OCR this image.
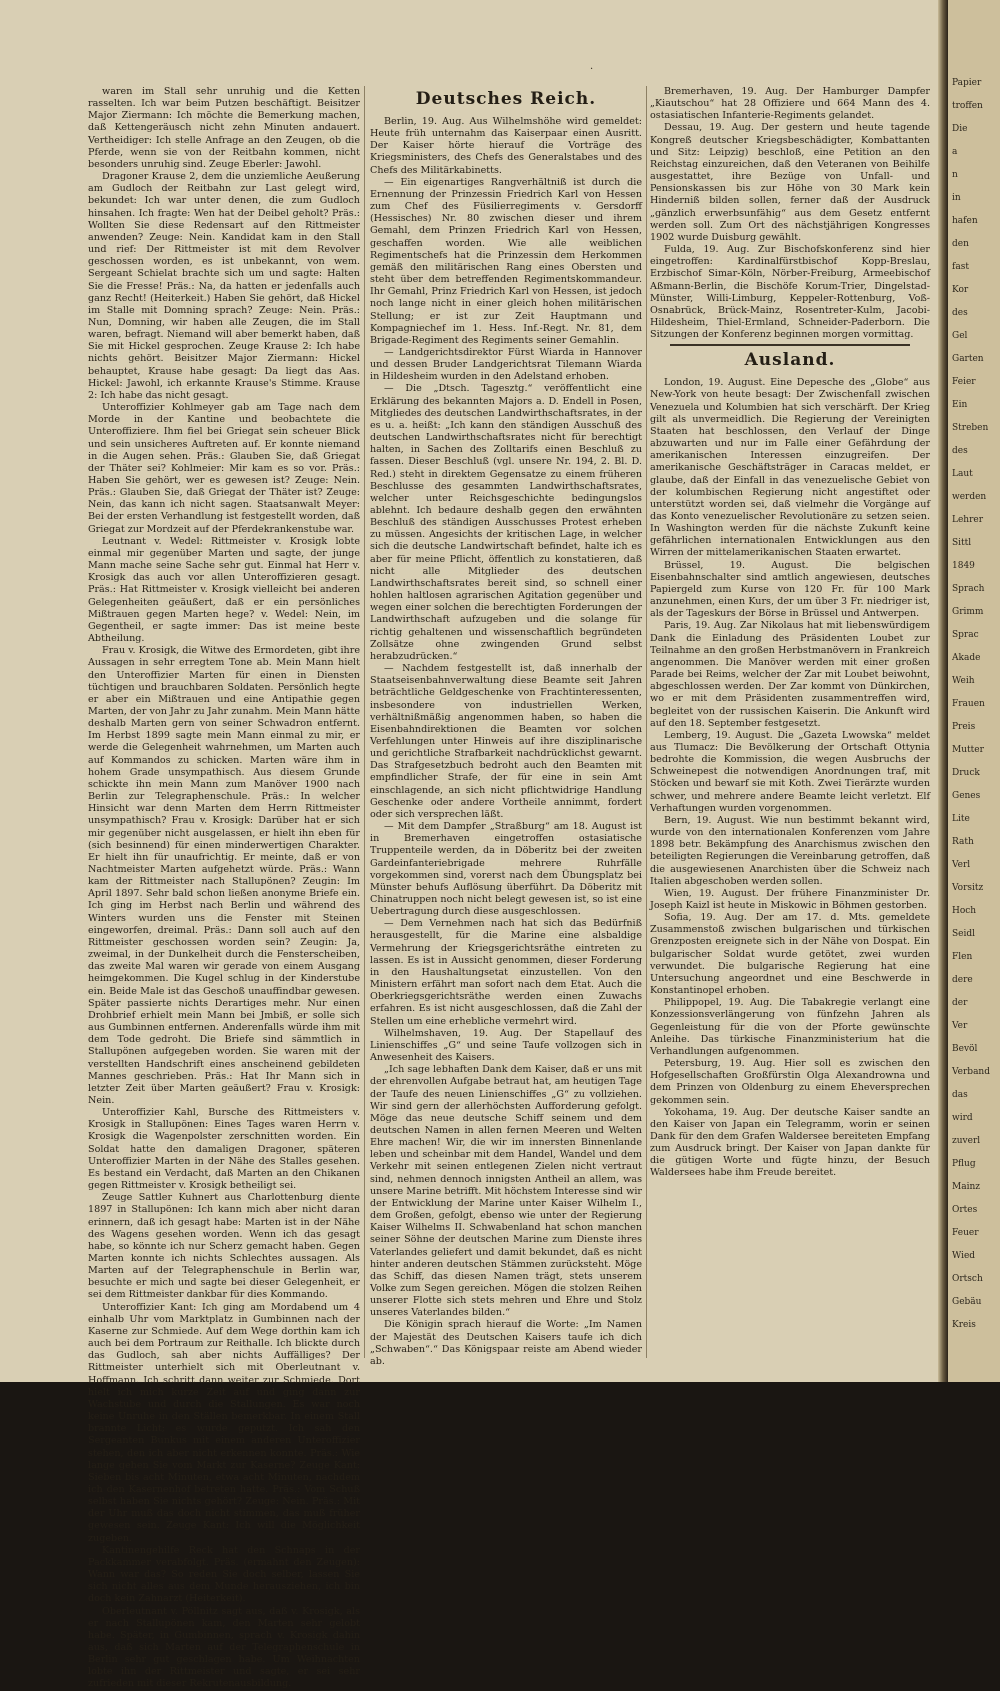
·

waren im Stall sehr unruhig und die Ketten rasselten. Ich war beim Putzen beschäftigt. Beisitzer Major Ziermann: Ich möchte die Bemerkung machen, daß Kettengeräusch nicht zehn Minuten andauert. Vertheidiger: Ich stelle Anfrage an den Zeugen, ob die Pferde, wenn sie von der Reitbahn kommen, nicht besonders unruhig sind. Zeuge Eberler: Jawohl.

Dragoner Krause 2, dem die unziemliche Aeußerung am Gudloch der Reitbahn zur Last gelegt wird, bekundet: Ich war unter denen, die zum Gudloch hinsahen. Ich fragte: Wen hat der Deibel geholt? Präs.: Wollten Sie diese Redensart auf den Rittmeister anwenden? Zeuge: Nein. Kandidat kam in den Stall und rief: Der Rittmeister ist mit dem Revolver geschossen worden, es ist unbekannt, von wem. Sergeant Schielat brachte sich um und sagte: Halten Sie die Fresse! Präs.: Na, da hatten er jedenfalls auch ganz Recht! (Heiterkeit.) Haben Sie gehört, daß Hickel im Stalle mit Domning sprach? Zeuge: Nein. Präs.: Nun, Domning, wir haben alle Zeugen, die im Stall waren, befragt. Niemand will aber bemerkt haben, daß Sie mit Hickel gesprochen. Zeuge Krause 2: Ich habe nichts gehört. Beisitzer Major Ziermann: Hickel behauptet, Krause habe gesagt: Da liegt das Aas. Hickel: Jawohl, ich erkannte Krause's Stimme. Krause 2: Ich habe das nicht gesagt.

Unteroffizier Kohlmeyer gab am Tage nach dem Morde in der Kantine und beobachtete die Unteroffiziere. Ihm fiel bei Griegat sein scheuer Blick und sein unsicheres Auftreten auf. Er konnte niemand in die Augen sehen. Präs.: Glauben Sie, daß Griegat der Thäter sei? Kohlmeier: Mir kam es so vor. Präs.: Haben Sie gehört, wer es gewesen ist? Zeuge: Nein. Präs.: Glauben Sie, daß Griegat der Thäter ist? Zeuge: Nein, das kann ich nicht sagen. Staatsanwalt Meyer: Bei der ersten Verhandlung ist festgestellt worden, daß Griegat zur Mordzeit auf der Pferdekrankenstube war.

Leutnant v. Wedel: Rittmeister v. Krosigk lobte einmal mir gegenüber Marten und sagte, der junge Mann mache seine Sache sehr gut. Einmal hat Herr v. Krosigk das auch vor allen Unteroffizieren gesagt. Präs.: Hat Rittmeister v. Krosigk vielleicht bei anderen Gelegenheiten geäußert, daß er ein persönliches Mißtrauen gegen Marten hege? v. Wedel: Nein, im Gegentheil, er sagte immer: Das ist meine beste Abtheilung.

Frau v. Krosigk, die Witwe des Ermordeten, gibt ihre Aussagen in sehr erregtem Tone ab. Mein Mann hielt den Unteroffizier Marten für einen in Diensten tüchtigen und brauchbaren Soldaten. Persönlich hegte er aber ein Mißtrauen und eine Antipathie gegen Marten, der von Jahr zu Jahr zunahm. Mein Mann hätte deshalb Marten gern von seiner Schwadron entfernt. Im Herbst 1899 sagte mein Mann einmal zu mir, er werde die Gelegenheit wahrnehmen, um Marten auch auf Kommandos zu schicken. Marten wäre ihm in hohem Grade unsympathisch. Aus diesem Grunde schickte ihn mein Mann zum Manöver 1900 nach Berlin zur Telegraphenschule. Präs.: In welcher Hinsicht war denn Marten dem Herrn Rittmeister unsympathisch? Frau v. Krosigk: Darüber hat er sich mir gegenüber nicht ausgelassen, er hielt ihn eben für (sich besinnend) für einen minderwertigen Charakter. Er hielt ihn für unaufrichtig. Er meinte, daß er von Nachtmeister Marten aufgehetzt würde. Präs.: Wann kam der Rittmeister nach Stallupönen? Zeugin: Im April 1897. Sehr bald schon ließen anonyme Briefe ein. Ich ging im Herbst nach Berlin und während des Winters wurden uns die Fenster mit Steinen eingeworfen, dreimal. Präs.: Dann soll auch auf den Rittmeister geschossen worden sein? Zeugin: Ja, zweimal, in der Dunkelheit durch die Fensterscheiben, das zweite Mal waren wir gerade von einem Ausgang heimgekommen. Die Kugel schlug in der Kinderstube ein. Beide Male ist das Geschoß unauffindbar gewesen. Später passierte nichts Derartiges mehr. Nur einen Drohbrief erhielt mein Mann bei Jmbiß, er solle sich aus Gumbinnen entfernen. Anderenfalls würde ihm mit dem Tode gedroht. Die Briefe sind sämmtlich in Stallupönen aufgegeben worden. Sie waren mit der verstellten Handschrift eines anscheinend gebildeten Mannes geschrieben. Präs.: Hat Ihr Mann sich in letzter Zeit über Marten geäußert? Frau v. Krosigk: Nein.

Unteroffizier Kahl, Bursche des Rittmeisters v. Krosigk in Stallupönen: Eines Tages waren Herrn v. Krosigk die Wagenpolster zerschnitten worden. Ein Soldat hatte den damaligen Dragoner, späteren Unteroffizier Marten in der Nähe des Stalles gesehen. Es bestand ein Verdacht, daß Marten an den Chikanen gegen Rittmeister v. Krosigk betheiligt sei.

Zeuge Sattler Kuhnert aus Charlottenburg diente 1897 in Stallupönen: Ich kann mich aber nicht daran erinnern, daß ich gesagt habe: Marten ist in der Nähe des Wagens gesehen worden. Wenn ich das gesagt habe, so könnte ich nur Scherz gemacht haben. Gegen Marten konnte ich nichts Schlechtes aussagen. Als Marten auf der Telegraphenschule in Berlin war, besuchte er mich und sagte bei dieser Gelegenheit, er sei dem Rittmeister dankbar für dies Kommando.

Unteroffizier Kant: Ich ging am Mordabend um 4 einhalb Uhr vom Marktplatz in Gumbinnen nach der Kaserne zur Schmiede. Auf dem Wege dorthin kam ich auch bei dem Portraum zur Reithalle. Ich blickte durch das Gudloch, sah aber nichts Auffälliges? Der Rittmeister unterhielt sich mit Oberleutnant v. Hoffmann. Ich schritt dann weiter zur Schmiede. Dort hielt ich mich kurze Zeit auf und ging dann zur Wachstube und durch die Stallungen. Es war noch keine Unruhe in den Ställen bemerkbar. In einem Stall brannte Licht; es wurde geputzt. Ich sah den Sergeanten Bunkus mit einem anderen Unteroffizier stehen, den ich aber nicht erkennen konnte. Präs.: Wie lange gehen Sie vom Markt zur Kaserne? Zeuge Kant: Sieben bis acht Minuten, etwa acht Minuten, nachdem ich den Kasernenhof betreten hatte. Präs.: Vom Schuß selbst haben Sie nichts gehört? Zeuge: Nein. Präs.: Mit der Uhr muß das doch nicht stimmen, das muß früher gewesen sein. Zeuge Kant: Ich will die Möglichkeit zugeben.

Kantinengehilfe Reck hat den Schnaps in der Packkammer verabfolgt. Präs. (ermahnt den Zeugen): Wann war das? So reden Sie doch selber, lassen Sie sich nicht alles aus dem Munde herausziehen, ich bin doch kein Zahnarzt (Heiterkeit).

Oberleutnant v. Pöllnitz sagt aus, daß v. Krosigk, als er nach Stallupönen kam, den Marten sehr gelobt habe. Später, in Gumbinnen, sprach v. Krosigk dahin aus, daß sich Marten auf der Telegraphenschule in Berlin sehr gut geschlagen habe. Um Weihnachten lobte ihn der Rittmeister und sagte, er sei sehr zufrieden mit dieser Rekrutenausbildung.

Deutsches Reich.

Berlin, 19. Aug. Aus Wilhelmshöhe wird gemeldet: Heute früh unternahm das Kaiserpaar einen Ausritt. Der Kaiser hörte hierauf die Vorträge des Kriegsministers, des Chefs des Generalstabes und des Chefs des Militärkabinetts.

— Ein eigenartiges Rangverhältniß ist durch die Ernennung der Prinzessin Friedrich Karl von Hessen zum Chef des Füsilierregiments v. Gersdorff (Hessisches) Nr. 80 zwischen dieser und ihrem Gemahl, dem Prinzen Friedrich Karl von Hessen, geschaffen worden. Wie alle weiblichen Regimentschefs hat die Prinzessin dem Herkommen gemäß den militärischen Rang eines Obersten und steht über dem betreffenden Regimentskommandeur. Ihr Gemahl, Prinz Friedrich Karl von Hessen, ist jedoch noch lange nicht in einer gleich hohen militärischen Stellung; er ist zur Zeit Hauptmann und Kompagniechef im 1. Hess. Inf.-Regt. Nr. 81, dem Brigade-Regiment des Regiments seiner Gemahlin.

— Landgerichtsdirektor Fürst Wiarda in Hannover und dessen Bruder Landgerichtsrat Tilemann Wiarda in Hildesheim wurden in den Adelstand erhoben.

— Die „Dtsch. Tagesztg.“ veröffentlicht eine Erklärung des bekannten Majors a. D. Endell in Posen, Mitgliedes des deutschen Landwirthschaftsrates, in der es u. a. heißt: „Ich kann den ständigen Ausschuß des deutschen Landwirthschaftsrates nicht für berechtigt halten, in Sachen des Zolltarifs einen Beschluß zu fassen. Dieser Beschluß (vgl. unsere Nr. 194, 2. Bl. D. Red.) steht in direktem Gegensatze zu einem früheren Beschlusse des gesammten Landwirthschaftsrates, welcher unter Reichsgeschichte bedingungslos ablehnt. Ich bedaure deshalb gegen den erwähnten Beschluß des ständigen Ausschusses Protest erheben zu müssen. Angesichts der kritischen Lage, in welcher sich die deutsche Landwirtschaft befindet, halte ich es aber für meine Pflicht, öffentlich zu konstatieren, daß nicht alle Mitglieder des deutschen Landwirthschaftsrates bereit sind, so schnell einer hohlen haltlosen agrarischen Agitation gegenüber und wegen einer solchen die berechtigten Forderungen der Landwirthschaft aufzugeben und die solange für richtig gehaltenen und wissenschaftlich begründeten Zollsätze ohne zwingenden Grund selbst herabzudrücken.“

— Nachdem festgestellt ist, daß innerhalb der Staatseisenbahnverwaltung diese Beamte seit Jahren beträchtliche Geldgeschenke von Frachtinteressenten, insbesondere von industriellen Werken, verhältnißmäßig angenommen haben, so haben die Eisenbahndirektionen die Beamten vor solchen Verfehlungen unter Hinweis auf ihre disziplinarische und gerichtliche Strafbarkeit nachdrücklichst gewarnt. Das Strafgesetzbuch bedroht auch den Beamten mit empfindlicher Strafe, der für eine in sein Amt einschlagende, an sich nicht pflichtwidrige Handlung Geschenke oder andere Vortheile annimmt, fordert oder sich versprechen läßt.

— Mit dem Dampfer „Straßburg“ am 18. August ist in Bremerhaven eingetroffen ostasiatische Truppenteile werden, da in Döberitz bei der zweiten Gardeinfanteriebrigade mehrere Ruhrfälle vorgekommen sind, vorerst nach dem Übungsplatz bei Münster behufs Auflösung überführt. Da Döberitz mit Chinatruppen noch nicht belegt gewesen ist, so ist eine Uebertragung durch diese ausgeschlossen.

— Dem Vernehmen nach hat sich das Bedürfniß herausgestellt, für die Marine eine alsbaldige Vermehrung der Kriegsgerichtsräthe eintreten zu lassen. Es ist in Aussicht genommen, dieser Forderung in den Haushaltungsetat einzustellen. Von den Ministern erfährt man sofort nach dem Etat. Auch die Oberkriegsgerichtsräthe werden einen Zuwachs erfahren. Es ist nicht ausgeschlossen, daß die Zahl der Stellen um eine erhebliche vermehrt wird.

Wilhelmshaven, 19. Aug. Der Stapellauf des Linienschiffes „G“ und seine Taufe vollzogen sich in Anwesenheit des Kaisers.

„Ich sage lebhaften Dank dem Kaiser, daß er uns mit der ehrenvollen Aufgabe betraut hat, am heutigen Tage der Taufe des neuen Linienschiffes „G“ zu vollziehen. Wir sind gern der allerhöchsten Aufforderung gefolgt. Möge das neue deutsche Schiff seinem und dem deutschen Namen in allen fernen Meeren und Welten Ehre machen! Wir, die wir im innersten Binnenlande leben und scheinbar mit dem Handel, Wandel und dem Verkehr mit seinen entlegenen Zielen nicht vertraut sind, nehmen dennoch innigsten Antheil an allem, was unsere Marine betrifft. Mit höchstem Interesse sind wir der Entwicklung der Marine unter Kaiser Wilhelm I., dem Großen, gefolgt, ebenso wie unter der Regierung Kaiser Wilhelms II. Schwabenland hat schon manchen seiner Söhne der deutschen Marine zum Dienste ihres Vaterlandes geliefert und damit bekundet, daß es nicht hinter anderen deutschen Stämmen zurücksteht. Möge das Schiff, das diesen Namen trägt, stets unserem Volke zum Segen gereichen. Mögen die stolzen Reihen unserer Flotte sich stets mehren und Ehre und Stolz unseres Vaterlandes bilden.“

Die Königin sprach hierauf die Worte: „Im Namen der Majestät des Deutschen Kaisers taufe ich dich „Schwaben“.“ Das Königspaar reiste am Abend wieder ab.

Bremerhaven, 19. Aug. Der Hamburger Dampfer „Kiautschou“ hat 28 Offiziere und 664 Mann des 4. ostasiatischen Infanterie-Regiments gelandet.

Dessau, 19. Aug. Der gestern und heute tagende Kongreß deutscher Kriegsbeschädigter, Kombattanten und Sitz: Leipzig) beschloß, eine Petition an den Reichstag einzureichen, daß den Veteranen von Beihilfe ausgestattet, ihre Bezüge von Unfall- und Pensionskassen bis zur Höhe von 30 Mark kein Hinderniß bilden sollen, ferner daß der Ausdruck „gänzlich erwerbsunfähig“ aus dem Gesetz entfernt werden soll. Zum Ort des nächstjährigen Kongresses 1902 wurde Duisburg gewählt.

Fulda, 19. Aug. Zur Bischofskonferenz sind hier eingetroffen: Kardinalfürstbischof Kopp-Breslau, Erzbischof Simar-Köln, Nörber-Freiburg, Armeebischof Aßmann-Berlin, die Bischöfe Korum-Trier, Dingelstad-Münster, Willi-Limburg, Keppeler-Rottenburg, Voß-Osnabrück, Brück-Mainz, Rosentreter-Kulm, Jacobi-Hildesheim, Thiel-Ermland, Schneider-Paderborn. Die Sitzungen der Konferenz beginnen morgen vormittag.

Ausland.

London, 19. August. Eine Depesche des „Globe“ aus New-York von heute besagt: Der Zwischenfall zwischen Venezuela und Kolumbien hat sich verschärft. Der Krieg gilt als unvermeidlich. Die Regierung der Vereinigten Staaten hat beschlossen, den Verlauf der Dinge abzuwarten und nur im Falle einer Gefährdung der amerikanischen Interessen einzugreifen. Der amerikanische Geschäftsträger in Caracas meldet, er glaube, daß der Einfall in das venezuelische Gebiet von der kolumbischen Regierung nicht angestiftet oder unterstützt worden sei, daß vielmehr die Vorgänge auf das Konto venezuelischer Revolutionäre zu setzen seien. In Washington werden für die nächste Zukunft keine gefährlichen internationalen Entwicklungen aus den Wirren der mittelamerikanischen Staaten erwartet.

Brüssel, 19. August. Die belgischen Eisenbahnschalter sind amtlich angewiesen, deutsches Papiergeld zum Kurse von 120 Fr. für 100 Mark anzunehmen, einen Kurs, der um über 3 Fr. niedriger ist, als der Tageskurs der Börse in Brüssel und Antwerpen.

Paris, 19. Aug. Zar Nikolaus hat mit liebenswürdigem Dank die Einladung des Präsidenten Loubet zur Teilnahme an den großen Herbstmanövern in Frankreich angenommen. Die Manöver werden mit einer großen Parade bei Reims, welcher der Zar mit Loubet beiwohnt, abgeschlossen werden. Der Zar kommt von Dünkirchen, wo er mit dem Präsidenten zusammentreffen wird, begleitet von der russischen Kaiserin. Die Ankunft wird auf den 18. September festgesetzt.

Lemberg, 19. August. Die „Gazeta Lwowska“ meldet aus Tlumacz: Die Bevölkerung der Ortschaft Ottynia bedrohte die Kommission, die wegen Ausbruchs der Schweinepest die notwendigen Anordnungen traf, mit Stöcken und bewarf sie mit Koth. Zwei Tierärzte wurden schwer, und mehrere andere Beamte leicht verletzt. Elf Verhaftungen wurden vorgenommen.

Bern, 19. August. Wie nun bestimmt bekannt wird, wurde von den internationalen Konferenzen vom Jahre 1898 betr. Bekämpfung des Anarchismus zwischen den beteiligten Regierungen die Vereinbarung getroffen, daß die ausgewiesenen Anarchisten über die Schweiz nach Italien abgeschoben werden sollen.

Wien, 19. August. Der frühere Finanzminister Dr. Joseph Kaizl ist heute in Miskowic in Böhmen gestorben.

Sofia, 19. Aug. Der am 17. d. Mts. gemeldete Zusammenstoß zwischen bulgarischen und türkischen Grenzposten ereignete sich in der Nähe von Dospat. Ein bulgarischer Soldat wurde getötet, zwei wurden verwundet. Die bulgarische Regierung hat eine Untersuchung angeordnet und eine Beschwerde in Konstantinopel erhoben.

Philippopel, 19. Aug. Die Tabakregie verlangt eine Konzessionsverlängerung von fünfzehn Jahren als Gegenleistung für die von der Pforte gewünschte Anleihe. Das türkische Finanzministerium hat die Verhandlungen aufgenommen.

Petersburg, 19. Aug. Hier soll es zwischen den Hofgesellschaften Großfürstin Olga Alexandrowna und dem Prinzen von Oldenburg zu einem Eheversprechen gekommen sein.

Yokohama, 19. Aug. Der deutsche Kaiser sandte an den Kaiser von Japan ein Telegramm, worin er seinen Dank für den dem Grafen Waldersee bereiteten Empfang zum Ausdruck bringt. Der Kaiser von Japan dankte für die gütigen Worte und fügte hinzu, der Besuch Waldersees habe ihm Freude bereitet.

Papier
troffen
Die
a
n
in
hafen
den
fast
Kor
des
Gel
Garten
Feier
Ein
Streben
des
Laut
werden
Lehrer
Sittl
1849
Sprach
Grimm
Sprac
Akade
Weih
Frauen
Preis
Mutter
Druck
Genes
Lite
Rath
Verl
Vorsitz
Hoch
Seidl
Flen
dere
der
Ver
Bevöl
Verband
das
wird
zuverl
Pflug
Mainz
Ortes
Feuer
Wied
Ortsch
Gebäu
Kreis
